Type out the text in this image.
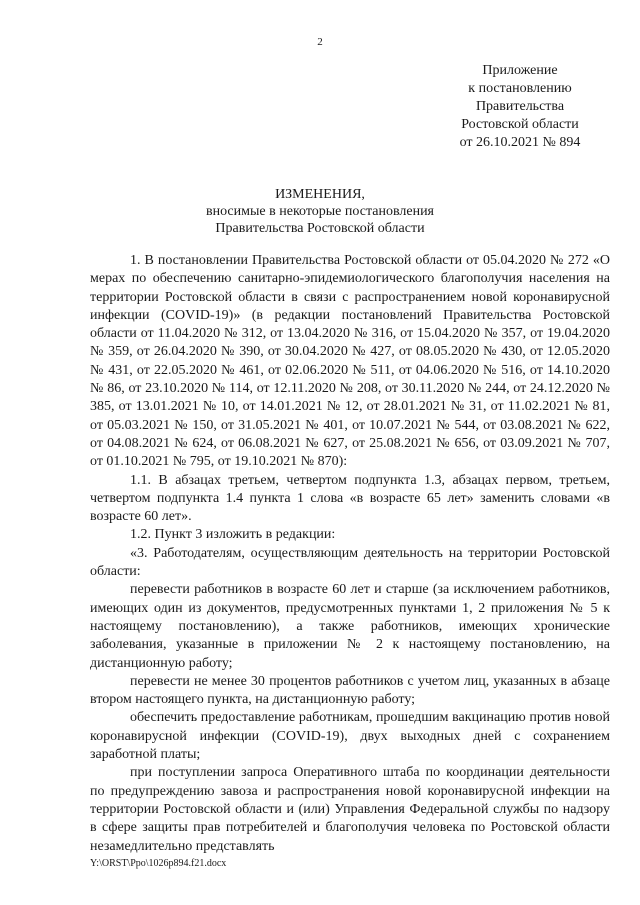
2
Приложение
к постановлению
Правительства
Ростовской области
от 26.10.2021 № 894
ИЗМЕНЕНИЯ,
вносимые в некоторые постановления
Правительства Ростовской области

1. В постановлении Правительства Ростовской области от 05.04.2020 № 272 «О мерах по обеспечению санитарно-эпидемиологического благополучия населения на территории Ростовской области в связи с распространением новой коронавирусной инфекции (COVID-19)» (в редакции постановлений Правительства Ростовской области от 11.04.2020 № 312, от 13.04.2020 № 316, от 15.04.2020 № 357, от 19.04.2020 № 359, от 26.04.2020 № 390, от 30.04.2020 № 427, от 08.05.2020 № 430, от 12.05.2020 № 431, от 22.05.2020 № 461, от 02.06.2020 № 511, от 04.06.2020 № 516, от 14.10.2020 № 86, от 23.10.2020 № 114, от 12.11.2020 № 208, от 30.11.2020 № 244, от 24.12.2020 № 385, от 13.01.2021 № 10, от 14.01.2021 № 12, от 28.01.2021 № 31, от 11.02.2021 № 81, от 05.03.2021 № 150, от 31.05.2021 № 401, от 10.07.2021 № 544, от 03.08.2021 № 622, от 04.08.2021 № 624, от 06.08.2021 № 627, от 25.08.2021 № 656, от 03.09.2021 № 707, от 01.10.2021 № 795, от 19.10.2021 № 870):

1.1. В абзацах третьем, четвертом подпункта 1.3, абзацах первом, третьем, четвертом подпункта 1.4 пункта 1 слова «в возрасте 65 лет» заменить словами «в возрасте 60 лет».

1.2. Пункт 3 изложить в редакции:

«3. Работодателям, осуществляющим деятельность на территории Ростовской области:

перевести работников в возрасте 60 лет и старше (за исключением работников, имеющих один из документов, предусмотренных пунктами 1, 2 приложения № 5 к настоящему постановлению), а также работников, имеющих хронические заболевания, указанные в приложении № 2 к настоящему постановлению, на дистанционную работу;

перевести не менее 30 процентов работников с учетом лиц, указанных в абзаце втором настоящего пункта, на дистанционную работу;

обеспечить предоставление работникам, прошедшим вакцинацию против новой коронавирусной инфекции (COVID-19), двух выходных дней с сохранением заработной платы;

при поступлении запроса Оперативного штаба по координации деятельности по предупреждению завоза и распространения новой коронавирусной инфекции на территории Ростовской области и (или) Управления Федеральной службы по надзору в сфере защиты прав потребителей и благополучия человека по Ростовской области незамедлительно представлять

Y:\ORST\Ppo\1026p894.f21.docx
